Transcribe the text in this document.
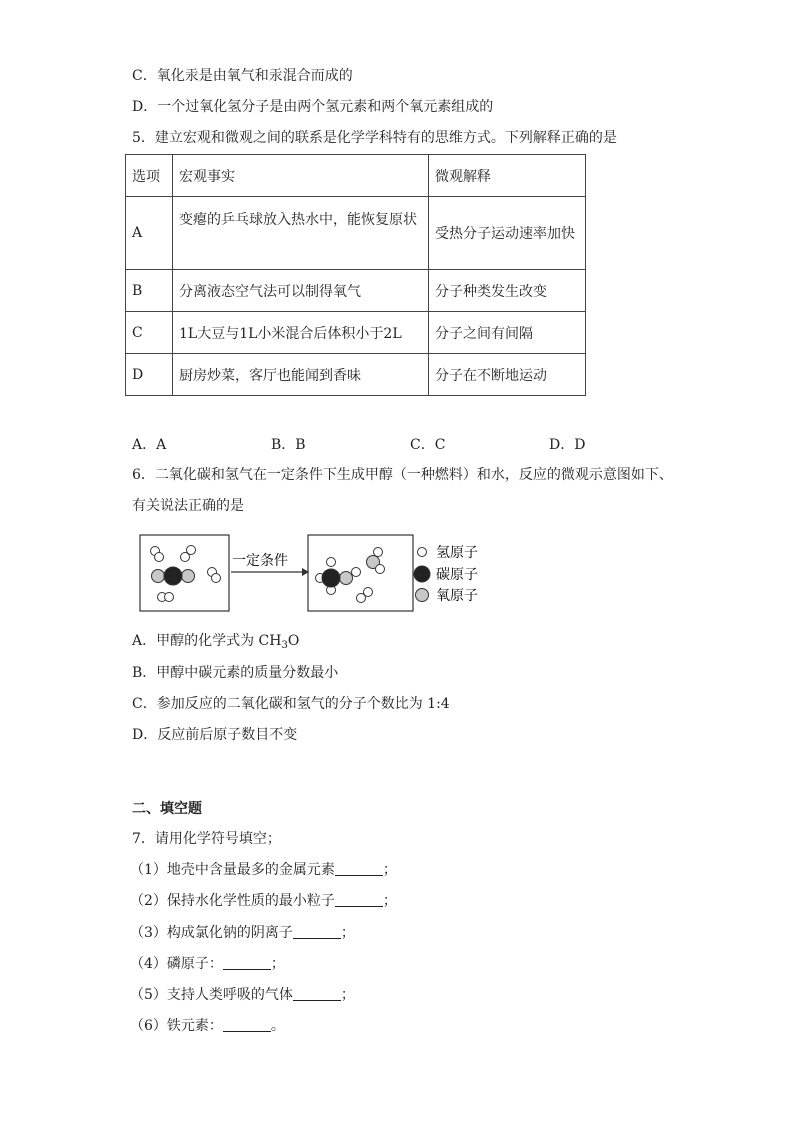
C．氧化汞是由氧气和汞混合而成的
D．一个过氧化氢分子是由两个氢元素和两个氧元素组成的
5．建立宏观和微观之间的联系是化学学科特有的思维方式。下列解释正确的是
选项	宏观事实	微观解释
A	变瘪的乒乓球放入热水中，能恢复原状	受热分子运动速率加快
B	分离液态空气法可以制得氧气	分子种类发生改变
C	1L大豆与1L小米混合后体积小于2L	分子之间有间隔
D	厨房炒菜，客厅也能闻到香味	分子在不断地运动
A．A	B．B	C．C	D．D
6．二氧化碳和氢气在一定条件下生成甲醇（一种燃料）和水，反应的微观示意图如下、
有关说法正确的是
一定条件	氢原子
碳原子
氧原子
A．甲醇的化学式为 $CH_3O$
B．甲醇中碳元素的质量分数最小
C．参加反应的二氧化碳和氢气的分子个数比为 1:4
D．反应前后原子数目不变
二、填空题
7．请用化学符号填空；
（1）地壳中含量最多的金属元素	；
（2）保持水化学性质的最小粒子	；
（3）构成氯化钠的阴离子	；
（4）磷原子：	；
（5）支持人类呼吸的气体	；
（6）铁元素：	。
